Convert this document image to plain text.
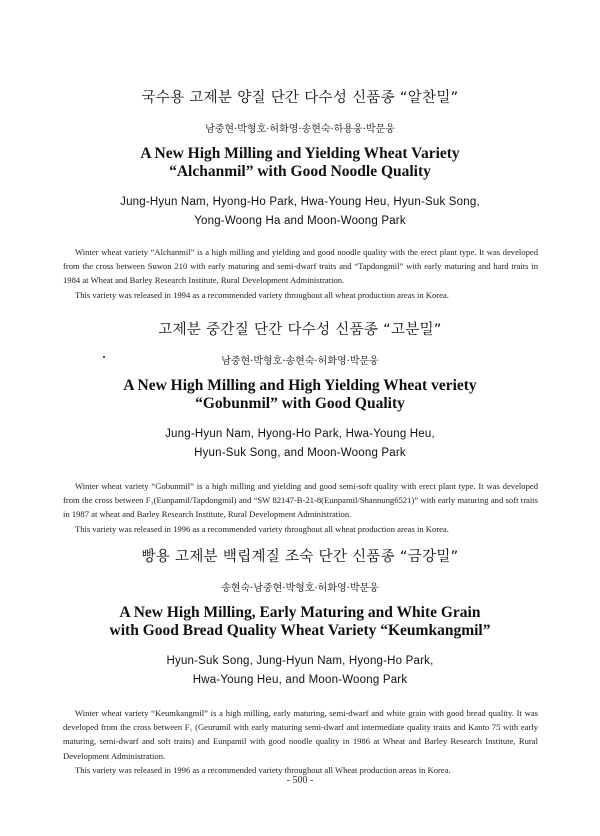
국수용 고제분 양질 단간 다수성 신품종 “알찬밀”
남중현·박형호·허화영·송현숙·하용웅·박문웅
A New High Milling and Yielding Wheat Variety
“Alchanmil” with Good Noodle Quality
Jung-Hyun Nam, Hyong-Ho Park, Hwa-Young Heu, Hyun-Suk Song,
Yong-Woong Ha and Moon-Woong Park

Winter wheat variety “Alchanmil” is a high milling and yielding and good noodle quality with the erect plant type. It was developed from the cross between Suwon 210 with early maturing and semi-dwarf traits and “Tapdongmil” with early maturing and hard traits in 1984 at Wheat and Barley Research Institute, Rural Development Administration.

This variety was released in 1994 as a recommended variety throughout all wheat production areas in Korea.

고제분 중간질 단간 다수성 신품종 “고분밀”
남중현·박형호·송현숙·허화영·박문웅
A New High Milling and High Yielding Wheat veriety
“Gobunmil” with Good Quality
Jung-Hyun Nam, Hyong-Ho Park, Hwa-Young Heu,
Hyun-Suk Song, and Moon-Woong Park

Winter wheat variety “Gobunmil” is a high milling and yielding and good semi-soft quality with erect plant type. It was developed from the cross between F₁(Eunpamil/Tapdongmil) and “SW 82147-B-21-8(Eunpamil/Shannung6521)” with early maturing and soft traits in 1987 at wheat and Barley Research Institute, Rural Development Administration.

This variety was released in 1996 as a recommended variety throughout all wheat production areas in Korea.

빵용 고제분 백립계질 조숙 단간 신품종 “금강밀”
송현숙·남중현·박형호·허화영·박문웅
A New High Milling, Early Maturing and White Grain
with Good Bread Quality Wheat Variety “Keumkangmil”
Hyun-Suk Song, Jung-Hyun Nam, Hyong-Ho Park,
Hwa-Young Heu, and Moon-Woong Park

Winter wheat variety “Keumkangmil” is a high milling, early maturing, semi-dwarf and white grain with good bread quality. It was developed from the cross between F₁ (Geurumil with early maturing semi-dwarf and intermediate quality traits and Kanto 75 with early maturing, semi-dwarf and soft traits) and Eunpamil with good noodle quality in 1986 at Wheat and Barley Research Institute, Rural Development Administration.

This variety was released in 1996 as a recommended variety throughout all Wheat production areas in Korea.

- 500 -
